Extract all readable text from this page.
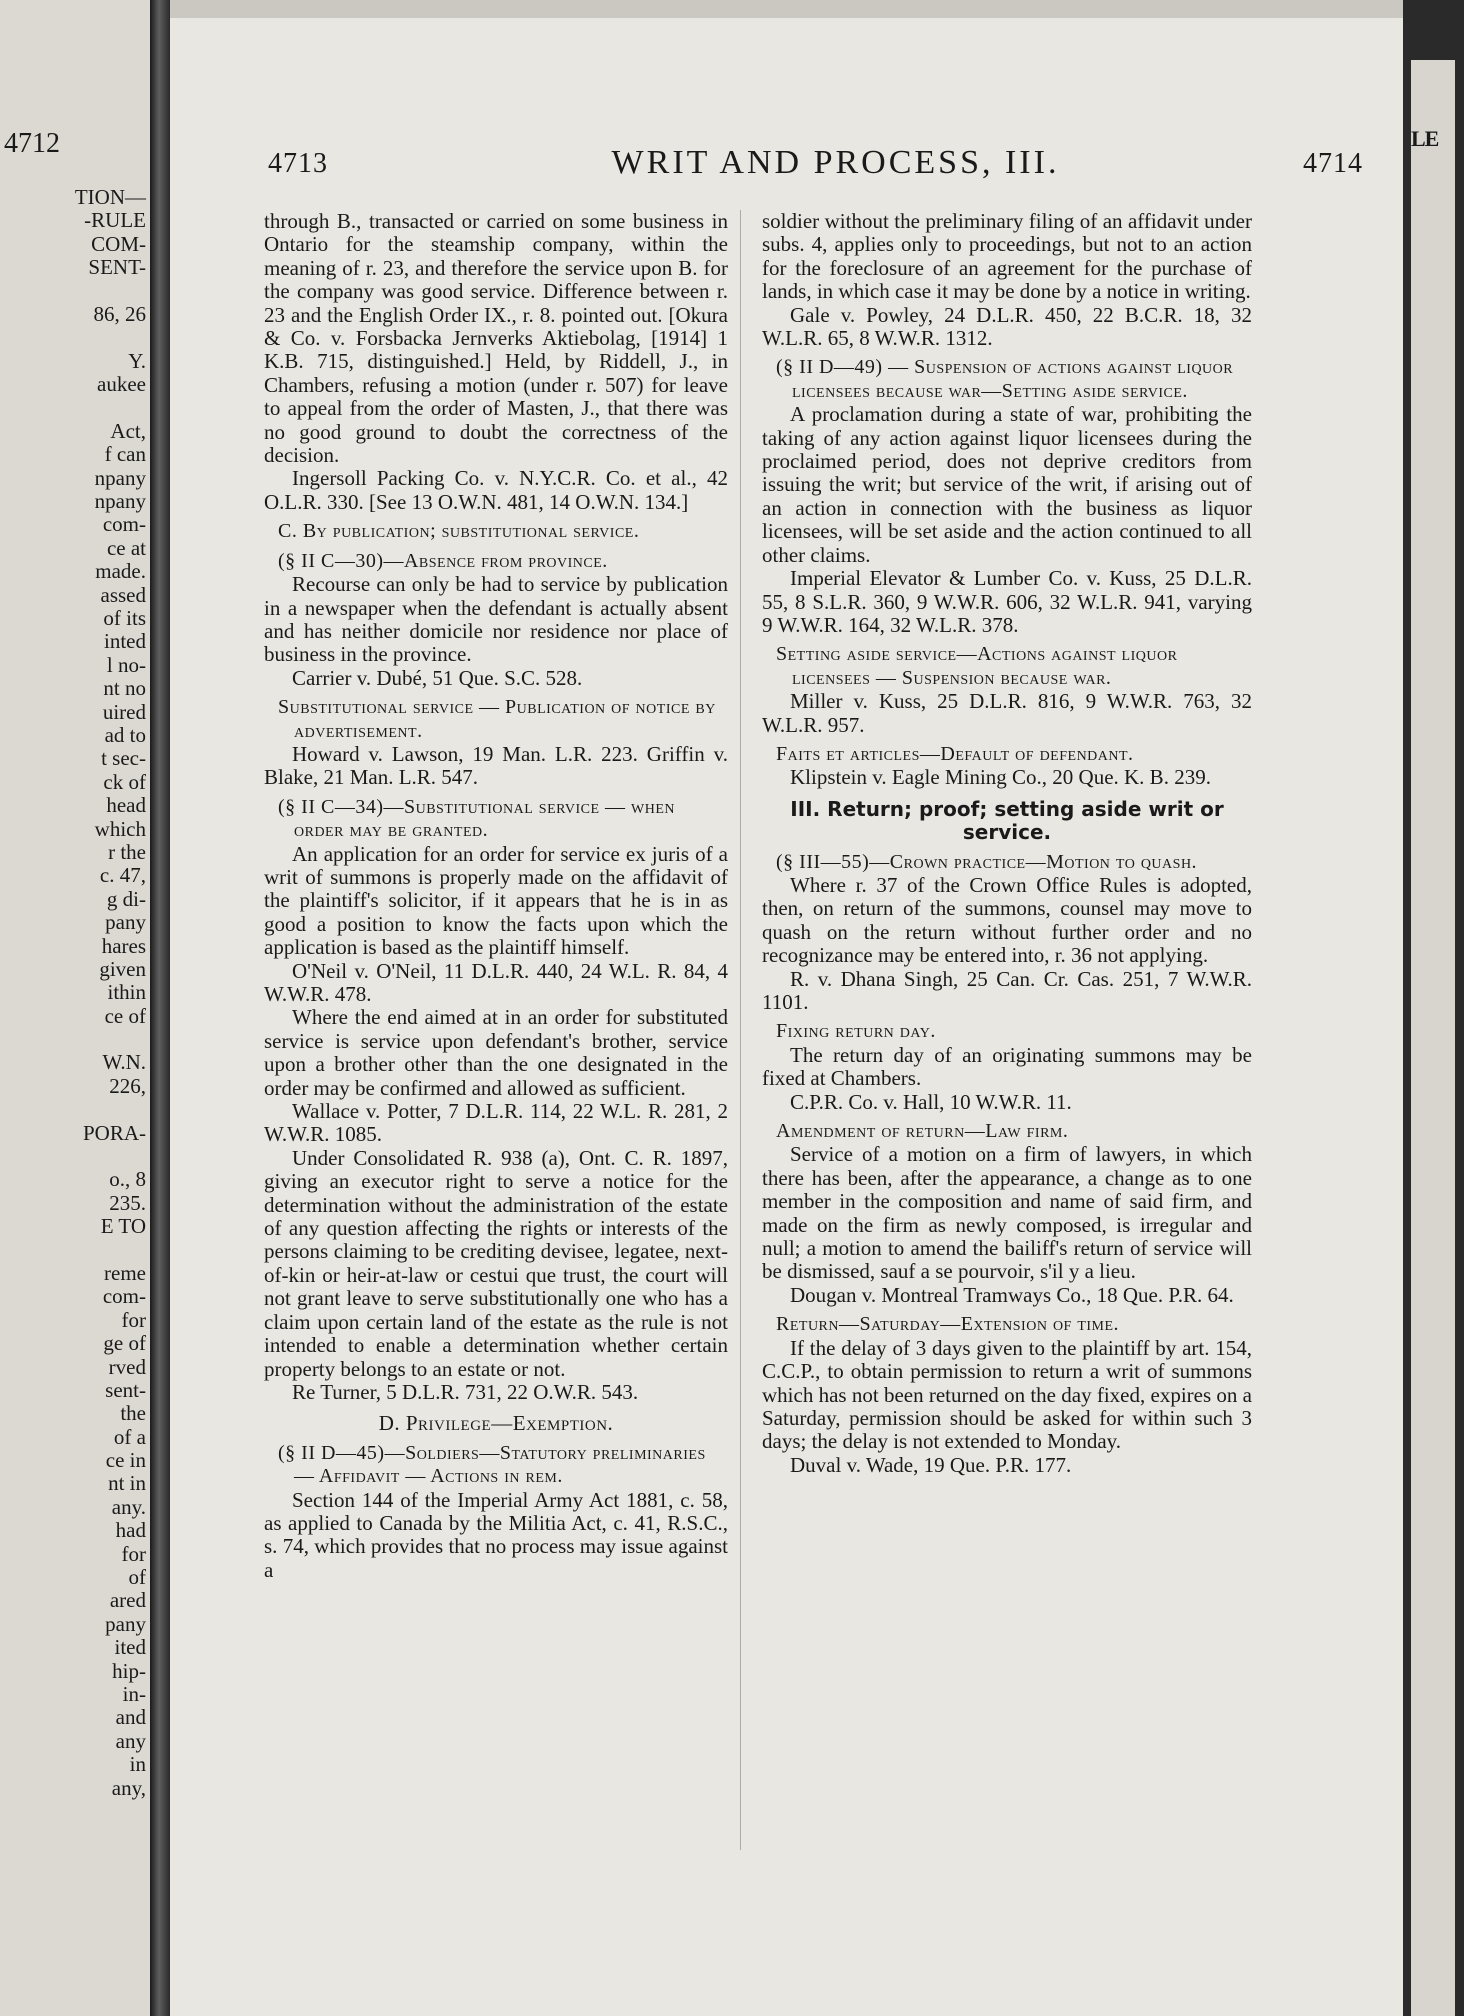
4712
TION—
-RULE
COM-
SENT-
86, 26
Y.
aukee
Act,
f can
npany
npany
com-
ce at
made.
assed
of its
inted
l no-
nt no
uired
ad to
t sec-
ck of
head
which
r the
c. 47,
g di-
pany
hares
given
ithin
ce of
W.N.
226,
PORA-
o., 8
235.
E TO
reme
com-
for
ge of
rved
sent-
the
of a
ce in
nt in
any.
had
for
of
ared
pany
ited
hip-
in-
and
any
in
any,
4713	WRIT AND PROCESS, III.	4714

through B., transacted or carried on some business in Ontario for the steamship company, within the meaning of r. 23, and therefore the service upon B. for the company was good service. Difference between r. 23 and the English Order IX., r. 8. pointed out. [Okura & Co. v. Forsbacka Jernverks Aktiebolag, [1914] 1 K.B. 715, distinguished.] Held, by Riddell, J., in Chambers, refusing a motion (under r. 507) for leave to appeal from the order of Masten, J., that there was no good ground to doubt the correctness of the decision.

Ingersoll Packing Co. v. N.Y.C.R. Co. et al., 42 O.L.R. 330. [See 13 O.W.N. 481, 14 O.W.N. 134.]

C. By publication; substitutional service.

(§ II C—30)—Absence from province.

Recourse can only be had to service by publication in a newspaper when the defendant is actually absent and has neither domicile nor residence nor place of business in the province.

Carrier v. Dubé, 51 Que. S.C. 528.

Substitutional service — Publication of notice by advertisement.

Howard v. Lawson, 19 Man. L.R. 223. Griffin v. Blake, 21 Man. L.R. 547.

(§ II C—34)—Substitutional service — when order may be granted.

An application for an order for service ex juris of a writ of summons is properly made on the affidavit of the plaintiff's solicitor, if it appears that he is in as good a position to know the facts upon which the application is based as the plaintiff himself.

O'Neil v. O'Neil, 11 D.L.R. 440, 24 W.L. R. 84, 4 W.W.R. 478.

Where the end aimed at in an order for substituted service is service upon defendant's brother, service upon a brother other than the one designated in the order may be confirmed and allowed as sufficient.

Wallace v. Potter, 7 D.L.R. 114, 22 W.L. R. 281, 2 W.W.R. 1085.

Under Consolidated R. 938 (a), Ont. C. R. 1897, giving an executor right to serve a notice for the determination without the administration of the estate of any question affecting the rights or interests of the persons claiming to be crediting devisee, legatee, next-of-kin or heir-at-law or cestui que trust, the court will not grant leave to serve substitutionally one who has a claim upon certain land of the estate as the rule is not intended to enable a determination whether certain property belongs to an estate or not.

Re Turner, 5 D.L.R. 731, 22 O.W.R. 543.

D. Privilege—Exemption.

(§ II D—45)—Soldiers—Statutory preliminaries — Affidavit — Actions in rem.

Section 144 of the Imperial Army Act 1881, c. 58, as applied to Canada by the Militia Act, c. 41, R.S.C., s. 74, which provides that no process may issue against a

soldier without the preliminary filing of an affidavit under subs. 4, applies only to proceedings, but not to an action for the foreclosure of an agreement for the purchase of lands, in which case it may be done by a notice in writing.

Gale v. Powley, 24 D.L.R. 450, 22 B.C.R. 18, 32 W.L.R. 65, 8 W.W.R. 1312.

(§ II D—49) — Suspension of actions against liquor licensees because war—Setting aside service.

A proclamation during a state of war, prohibiting the taking of any action against liquor licensees during the proclaimed period, does not deprive creditors from issuing the writ; but service of the writ, if arising out of an action in connection with the business as liquor licensees, will be set aside and the action continued to all other claims.

Imperial Elevator & Lumber Co. v. Kuss, 25 D.L.R. 55, 8 S.L.R. 360, 9 W.W.R. 606, 32 W.L.R. 941, varying 9 W.W.R. 164, 32 W.L.R. 378.

Setting aside service—Actions against liquor licensees — Suspension because war.

Miller v. Kuss, 25 D.L.R. 816, 9 W.W.R. 763, 32 W.L.R. 957.

Faits et articles—Default of defendant.

Klipstein v. Eagle Mining Co., 20 Que. K. B. 239.

III. Return; proof; setting aside writ or service.

(§ III—55)—Crown practice—Motion to quash.

Where r. 37 of the Crown Office Rules is adopted, then, on return of the summons, counsel may move to quash on the return without further order and no recognizance may be entered into, r. 36 not applying.

R. v. Dhana Singh, 25 Can. Cr. Cas. 251, 7 W.W.R. 1101.

Fixing return day.

The return day of an originating summons may be fixed at Chambers.

C.P.R. Co. v. Hall, 10 W.W.R. 11.

Amendment of return—Law firm.

Service of a motion on a firm of lawyers, in which there has been, after the appearance, a change as to one member in the composition and name of said firm, and made on the firm as newly composed, is irregular and null; a motion to amend the bailiff's return of service will be dismissed, sauf a se pourvoir, s'il y a lieu.

Dougan v. Montreal Tramways Co., 18 Que. P.R. 64.

Return—Saturday—Extension of time.

If the delay of 3 days given to the plaintiff by art. 154, C.C.P., to obtain permission to return a writ of summons which has not been returned on the day fixed, expires on a Saturday, permission should be asked for within such 3 days; the delay is not extended to Monday.

Duval v. Wade, 19 Que. P.R. 177.

LE
